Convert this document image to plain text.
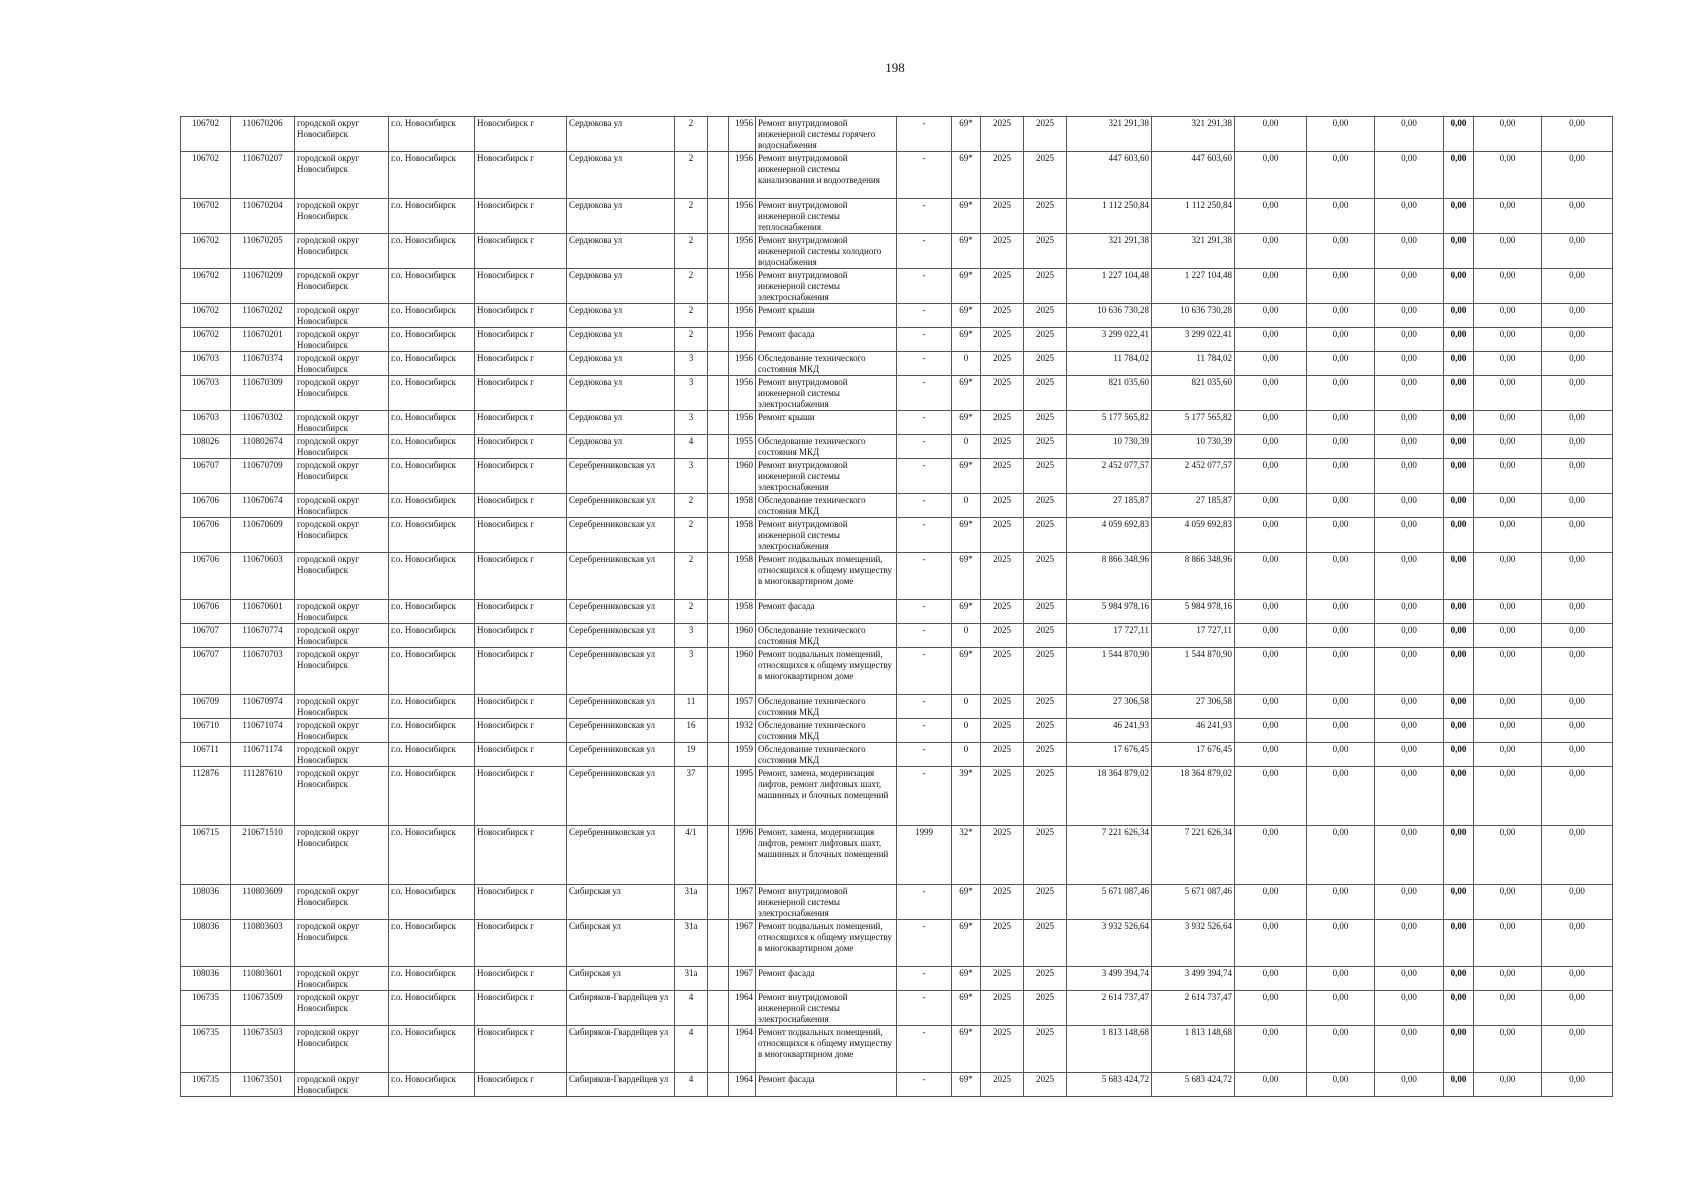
198
106702	110670206	городской округ Новосибирск	г.о. Новосибирск	Новосибирск г	Сердюкова ул	2		1956	Ремонт внутридомовой инженерной системы горячего водоснабжения	-	69*	2025	2025	321 291,38	321 291,38	0,00	0,00	0,00	0,00	0,00	0,00
106702	110670207	городской округ Новосибирск	г.о. Новосибирск	Новосибирск г	Сердюкова ул	2		1956	Ремонт внутридомовой инженерной системы канализования и водоотведения	-	69*	2025	2025	447 603,60	447 603,60	0,00	0,00	0,00	0,00	0,00	0,00
106702	110670204	городской округ Новосибирск	г.о. Новосибирск	Новосибирск г	Сердюкова ул	2		1956	Ремонт внутридомовой инженерной системы теплоснабжения	-	69*	2025	2025	1 112 250,84	1 112 250,84	0,00	0,00	0,00	0,00	0,00	0,00
106702	110670205	городской округ Новосибирск	г.о. Новосибирск	Новосибирск г	Сердюкова ул	2		1956	Ремонт внутридомовой инженерной системы холодного водоснабжения	-	69*	2025	2025	321 291,38	321 291,38	0,00	0,00	0,00	0,00	0,00	0,00
106702	110670209	городской округ Новосибирск	г.о. Новосибирск	Новосибирск г	Сердюкова ул	2		1956	Ремонт внутридомовой инженерной системы электроснабжения	-	69*	2025	2025	1 227 104,48	1 227 104,48	0,00	0,00	0,00	0,00	0,00	0,00
106702	110670202	городской округ Новосибирск	г.о. Новосибирск	Новосибирск г	Сердюкова ул	2		1956	Ремонт крыши	-	69*	2025	2025	10 636 730,28	10 636 730,28	0,00	0,00	0,00	0,00	0,00	0,00
106702	110670201	городской округ Новосибирск	г.о. Новосибирск	Новосибирск г	Сердюкова ул	2		1956	Ремонт фасада	-	69*	2025	2025	3 299 022,41	3 299 022,41	0,00	0,00	0,00	0,00	0,00	0,00
106703	110670374	городской округ Новосибирск	г.о. Новосибирск	Новосибирск г	Сердюкова ул	3		1956	Обследование технического состояния МКД	-	0	2025	2025	11 784,02	11 784,02	0,00	0,00	0,00	0,00	0,00	0,00
106703	110670309	городской округ Новосибирск	г.о. Новосибирск	Новосибирск г	Сердюкова ул	3		1956	Ремонт внутридомовой инженерной системы электроснабжения	-	69*	2025	2025	821 035,60	821 035,60	0,00	0,00	0,00	0,00	0,00	0,00
106703	110670302	городской округ Новосибирск	г.о. Новосибирск	Новосибирск г	Сердюкова ул	3		1956	Ремонт крыши	-	69*	2025	2025	5 177 565,82	5 177 565,82	0,00	0,00	0,00	0,00	0,00	0,00
108026	110802674	городской округ Новосибирск	г.о. Новосибирск	Новосибирск г	Сердюкова ул	4		1955	Обследование технического состояния МКД	-	0	2025	2025	10 730,39	10 730,39	0,00	0,00	0,00	0,00	0,00	0,00
106707	110670709	городской округ Новосибирск	г.о. Новосибирск	Новосибирск г	Серебренниковская ул	3		1960	Ремонт внутридомовой инженерной системы электроснабжения	-	69*	2025	2025	2 452 077,57	2 452 077,57	0,00	0,00	0,00	0,00	0,00	0,00
106706	110670674	городской округ Новосибирск	г.о. Новосибирск	Новосибирск г	Серебренниковская ул	2		1958	Обследование технического состояния МКД	-	0	2025	2025	27 185,87	27 185,87	0,00	0,00	0,00	0,00	0,00	0,00
106706	110670609	городской округ Новосибирск	г.о. Новосибирск	Новосибирск г	Серебренниковская ул	2		1958	Ремонт внутридомовой инженерной системы электроснабжения	-	69*	2025	2025	4 059 692,83	4 059 692,83	0,00	0,00	0,00	0,00	0,00	0,00
106706	110670603	городской округ Новосибирск	г.о. Новосибирск	Новосибирск г	Серебренниковская ул	2		1958	Ремонт подвальных помещений, относящихся к общему имуществу в многоквартирном доме	-	69*	2025	2025	8 866 348,96	8 866 348,96	0,00	0,00	0,00	0,00	0,00	0,00
106706	110670601	городской округ Новосибирск	г.о. Новосибирск	Новосибирск г	Серебренниковская ул	2		1958	Ремонт фасада	-	69*	2025	2025	5 984 978,16	5 984 978,16	0,00	0,00	0,00	0,00	0,00	0,00
106707	110670774	городской округ Новосибирск	г.о. Новосибирск	Новосибирск г	Серебренниковская ул	3		1960	Обследование технического состояния МКД	-	0	2025	2025	17 727,11	17 727,11	0,00	0,00	0,00	0,00	0,00	0,00
106707	110670703	городской округ Новосибирск	г.о. Новосибирск	Новосибирск г	Серебренниковская ул	3		1960	Ремонт подвальных помещений, относящихся к общему имуществу в многоквартирном доме	-	69*	2025	2025	1 544 870,90	1 544 870,90	0,00	0,00	0,00	0,00	0,00	0,00
106709	110670974	городской округ Новосибирск	г.о. Новосибирск	Новосибирск г	Серебренниковская ул	11		1957	Обследование технического состояния МКД	-	0	2025	2025	27 306,58	27 306,58	0,00	0,00	0,00	0,00	0,00	0,00
106710	110671074	городской округ Новосибирск	г.о. Новосибирск	Новосибирск г	Серебренниковская ул	16		1932	Обследование технического состояния МКД	-	0	2025	2025	46 241,93	46 241,93	0,00	0,00	0,00	0,00	0,00	0,00
106711	110671174	городской округ Новосибирск	г.о. Новосибирск	Новосибирск г	Серебренниковская ул	19		1959	Обследование технического состояния МКД	-	0	2025	2025	17 676,45	17 676,45	0,00	0,00	0,00	0,00	0,00	0,00
112876	111287610	городской округ Новосибирск	г.о. Новосибирск	Новосибирск г	Серебренниковская ул	37		1995	Ремонт, замена, модернизация лифтов, ремонт лифтовых шахт, машинных и блочных помещений	-	39*	2025	2025	18 364 879,02	18 364 879,02	0,00	0,00	0,00	0,00	0,00	0,00
106715	210671510	городской округ Новосибирск	г.о. Новосибирск	Новосибирск г	Серебренниковская ул	4/1		1996	Ремонт, замена, модернизация лифтов, ремонт лифтовых шахт, машинных и блочных помещений	1999	32*	2025	2025	7 221 626,34	7 221 626,34	0,00	0,00	0,00	0,00	0,00	0,00
108036	110803609	городской округ Новосибирск	г.о. Новосибирск	Новосибирск г	Сибирская ул	31а		1967	Ремонт внутридомовой инженерной системы электроснабжения	-	69*	2025	2025	5 671 087,46	5 671 087,46	0,00	0,00	0,00	0,00	0,00	0,00
108036	110803603	городской округ Новосибирск	г.о. Новосибирск	Новосибирск г	Сибирская ул	31а		1967	Ремонт подвальных помещений, относящихся к общему имуществу в многоквартирном доме	-	69*	2025	2025	3 932 526,64	3 932 526,64	0,00	0,00	0,00	0,00	0,00	0,00
108036	110803601	городской округ Новосибирск	г.о. Новосибирск	Новосибирск г	Сибирская ул	31а		1967	Ремонт фасада	-	69*	2025	2025	3 499 394,74	3 499 394,74	0,00	0,00	0,00	0,00	0,00	0,00
106735	110673509	городской округ Новосибирск	г.о. Новосибирск	Новосибирск г	Сибиряков-Гвардейцев ул	4		1964	Ремонт внутридомовой инженерной системы электроснабжения	-	69*	2025	2025	2 614 737,47	2 614 737,47	0,00	0,00	0,00	0,00	0,00	0,00
106735	110673503	городской округ Новосибирск	г.о. Новосибирск	Новосибирск г	Сибиряков-Гвардейцев ул	4		1964	Ремонт подвальных помещений, относящихся к общему имуществу в многоквартирном доме	-	69*	2025	2025	1 813 148,68	1 813 148,68	0,00	0,00	0,00	0,00	0,00	0,00
106735	110673501	городской округ Новосибирск	г.о. Новосибирск	Новосибирск г	Сибиряков-Гвардейцев ул	4		1964	Ремонт фасада	-	69*	2025	2025	5 683 424,72	5 683 424,72	0,00	0,00	0,00	0,00	0,00	0,00
